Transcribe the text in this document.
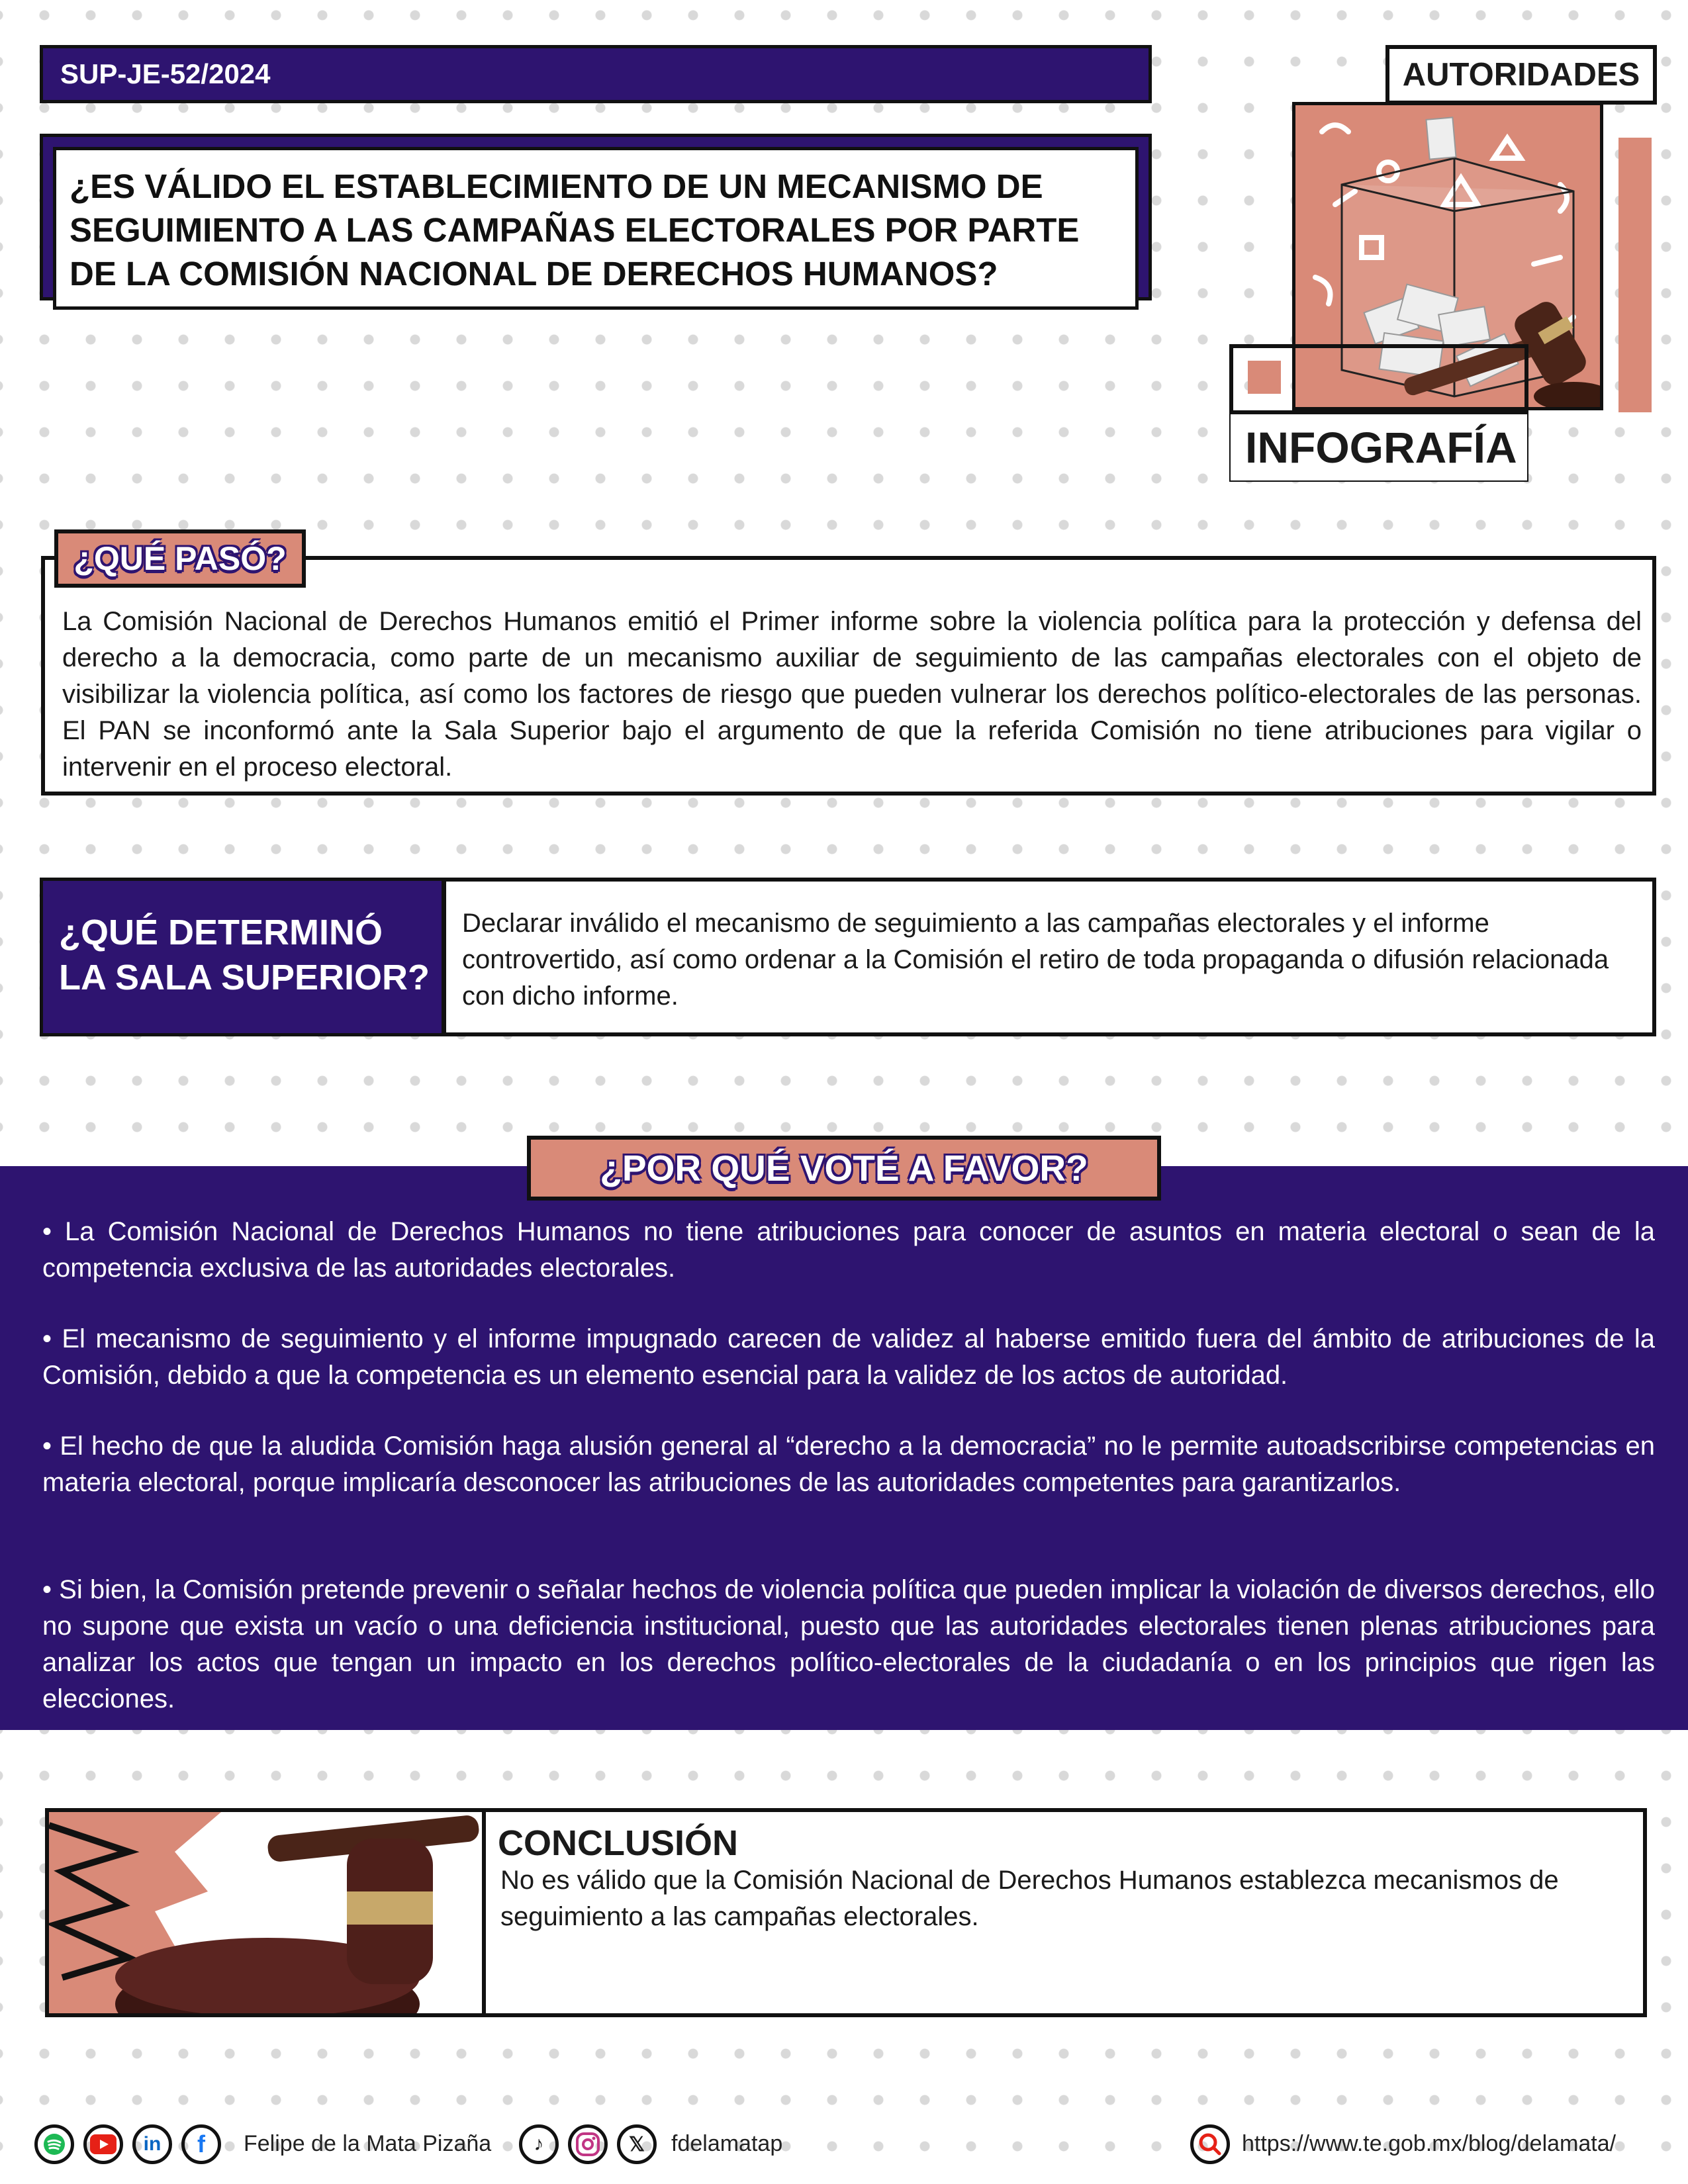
SUP-JE-52/2024
¿ES VÁLIDO EL ESTABLECIMIENTO DE UN MECANISMO DE SEGUIMIENTO A LAS CAMPAÑAS ELECTORALES POR PARTE DE LA COMISIÓN NACIONAL DE DERECHOS HUMANOS?
AUTORIDADES
INFOGRAFÍA

La Comisión Nacional de Derechos Humanos emitió el Primer informe sobre la violencia política para la protección y defensa del derecho a la democracia, como parte de un mecanismo auxiliar de seguimiento de las campañas electorales con el objeto de visibilizar la violencia política, así como los factores de riesgo que pueden vulnerar los derechos político-electorales de las personas. El PAN se inconformó ante la Sala Superior bajo el argumento de que la referida Comisión no tiene atribuciones para vigilar o intervenir en el proceso electoral.

¿QUÉ PASÓ?
¿QUÉ DETERMINÓ
LA SALA SUPERIOR?
Declarar inválido el mecanismo de seguimiento a las campañas electorales y el informe controvertido, así como ordenar a la Comisión el retiro de toda propaganda o difusión relacionada con dicho informe.

• La Comisión Nacional de Derechos Humanos no tiene atribuciones para conocer de asuntos en materia electoral o sean de la competencia exclusiva de las autoridades electorales.

• El mecanismo de seguimiento y el informe impugnado carecen de validez al haberse emitido fuera del ámbito de atribuciones de la Comisión, debido a que la competencia es un elemento esencial para la validez de los actos de autoridad.

• El hecho de que la aludida Comisión haga alusión general al “derecho a la democracia” no le permite autoadscribirse competencias en materia electoral, porque implicaría desconocer las atribuciones de las autoridades competentes para garantizarlos.

• Si bien, la Comisión pretende prevenir o señalar hechos de violencia política que pueden implicar la violación de diversos derechos, ello no supone que exista un vacío o una deficiencia institucional, puesto que las autoridades electorales tienen plenas atribuciones para analizar los actos que tengan un impacto en los derechos político-electorales de la ciudadanía o en los principios que rigen las elecciones.

¿POR QUÉ VOTÉ A FAVOR?
CONCLUSIÓN
No es válido que la Comisión Nacional de Derechos Humanos establezca mecanismos de seguimiento a las campañas electorales.
in	f	Felipe de la Mata Pizaña	♪	𝕏	fdelamatap	https://www.te.gob.mx/blog/delamata/
